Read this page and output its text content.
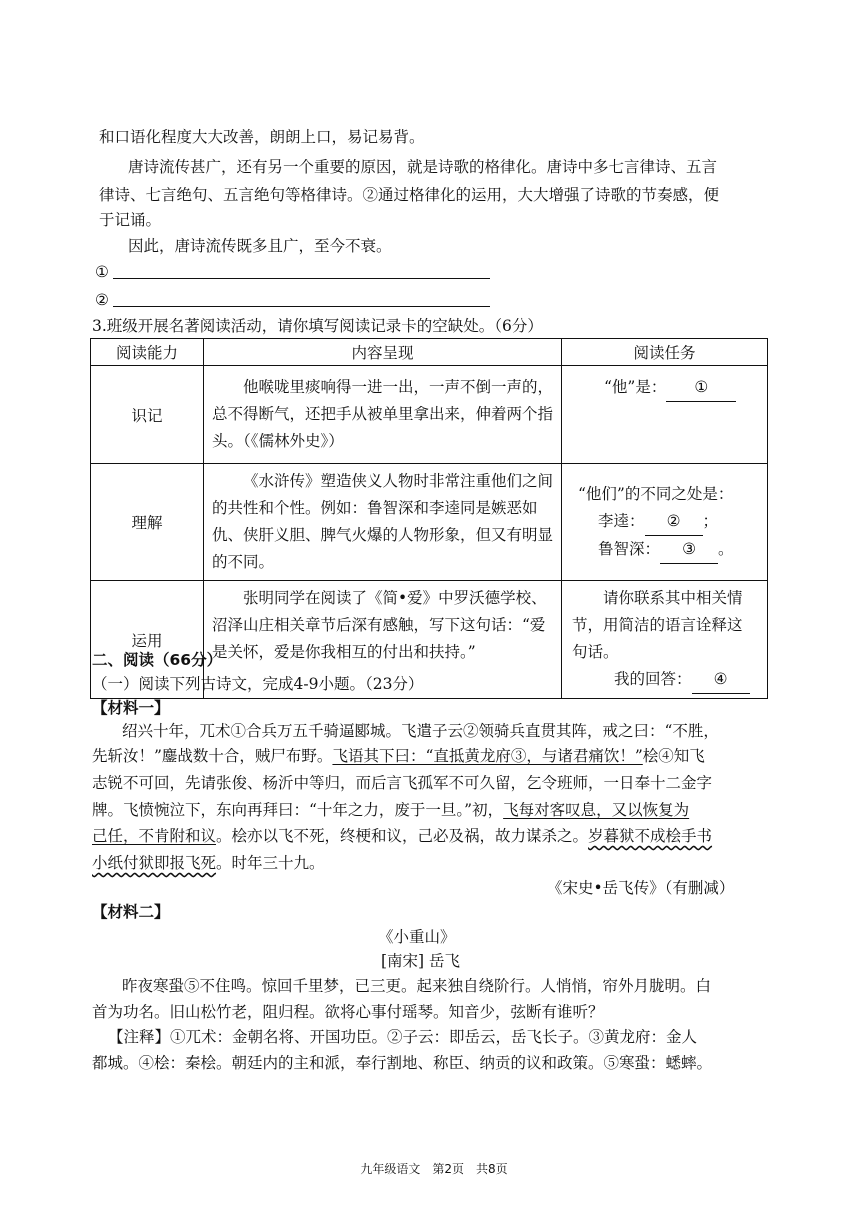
和口语化程度大大改善，朗朗上口，易记易背。
唐诗流传甚广，还有另一个重要的原因，就是诗歌的格律化。唐诗中多七言律诗、五言
律诗、七言绝句、五言绝句等格律诗。②通过格律化的运用，大大增强了诗歌的节奏感，便
于记诵。
因此，唐诗流传既多且广，至今不衰。
①
②
3.班级开展名著阅读活动，请你填写阅读记录卡的空缺处。（6分）
阅读能力	内容呈现	阅读任务
识记	他喉咙里痰响得一进一出，一声不倒一声的，总不得断气，还把手从被单里拿出来，伸着两个指头。（《儒林外史》）	“他”是： ①
理解	《水浒传》塑造侠义人物时非常注重他们之间的共性和个性。例如：鲁智深和李逵同是嫉恶如仇、侠肝义胆、脾气火爆的人物形象，但又有明显的不同。	“他们”的不同之处是：
李逵： ② ；
鲁智深： ③ 。

运用	张明同学在阅读了《简•爱》中罗沃德学校、沼泽山庄相关章节后深有感触，写下这句话：“爱是关怀，爱是你我相互的付出和扶持。”	请你联系其中相关情节，用简洁的语言诠释这句话。
我的回答： ④
二、阅读（66分）
（一）阅读下列古诗文，完成4-9小题。（23分）
【材料一】
绍兴十年，兀术①合兵万五千骑逼郾城。飞遣子云②领骑兵直贯其阵，戒之曰：“不胜，
先斩汝！”鏖战数十合，贼尸布野。飞语其下曰：“直抵黄龙府③，与诸君痛饮！”桧④知飞
志锐不可回，先请张俊、杨沂中等归，而后言飞孤军不可久留，乞令班师，一日奉十二金字
牌。飞愤惋泣下，东向再拜曰：“十年之力，废于一旦。”初，飞每对客叹息，又以恢复为
己任，不肯附和议。桧亦以飞不死，终梗和议，己必及祸，故力谋杀之。岁暮狱不成桧手书
小纸付狱即报飞死。时年三十九。
《宋史•岳飞传》（有删减）
【材料二】
《小重山》
[南宋] 岳飞
昨夜寒蛩⑤不住鸣。惊回千里梦，已三更。起来独自绕阶行。人悄悄，帘外月胧明。白
首为功名。旧山松竹老，阻归程。欲将心事付瑶琴。知音少，弦断有谁听？
【注释】①兀术：金朝名将、开国功臣。②子云：即岳云，岳飞长子。③黄龙府：金人
都城。④桧：秦桧。朝廷内的主和派，奉行割地、称臣、纳贡的议和政策。⑤寒蛩：蟋蟀。
九年级语文　第2页　共8页
